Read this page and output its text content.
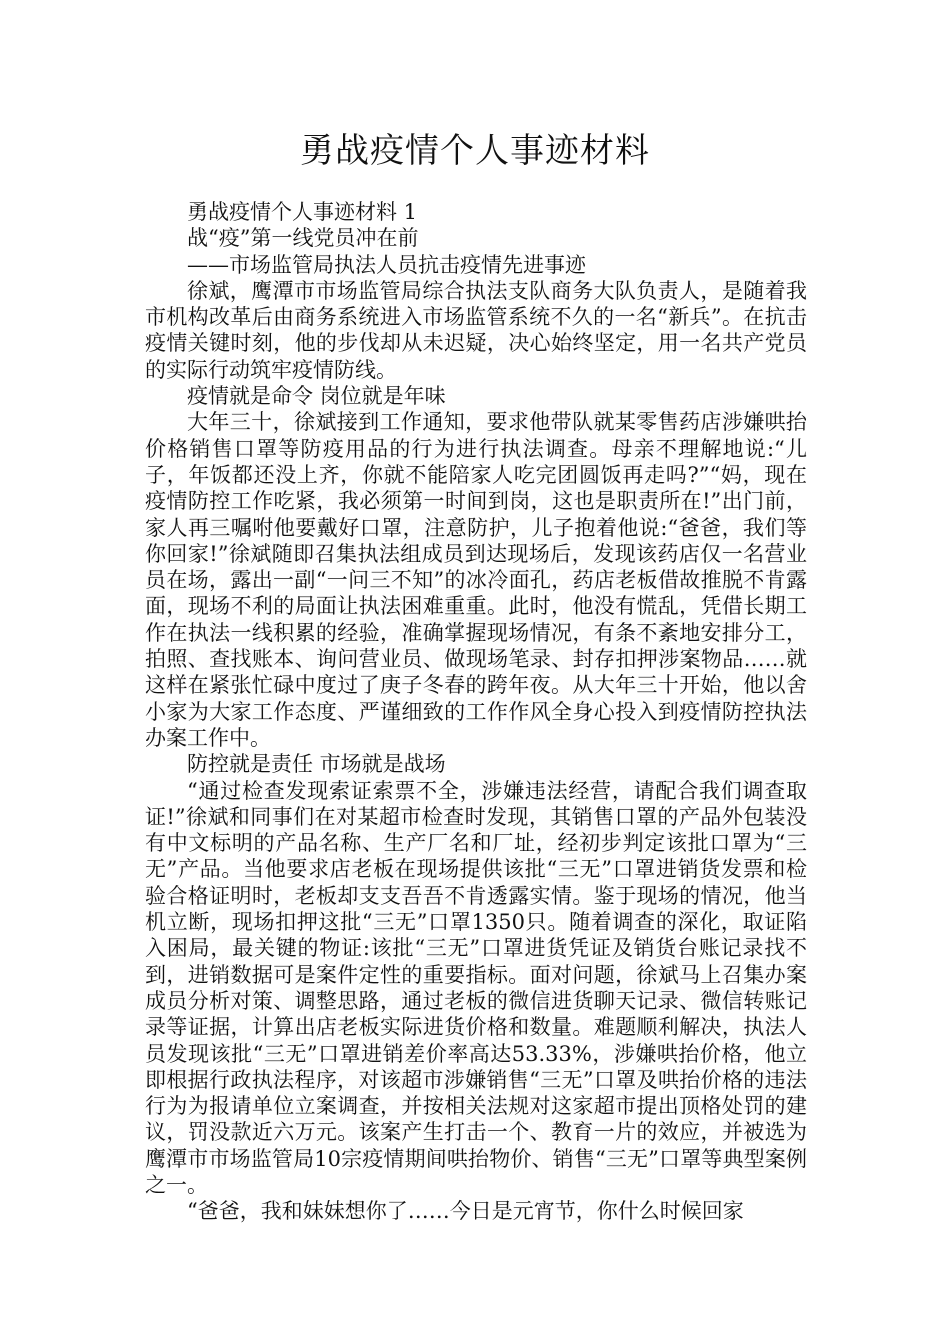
勇战疫情个人事迹材料

勇战疫情个人事迹材料 1

战“疫”第一线党员冲在前

——市场监管局执法人员抗击疫情先进事迹

徐斌，鹰潭市市场监管局综合执法支队商务大队负责人，是随着我市机构改革后由商务系统进入市场监管系统不久的一名“新兵”。在抗击疫情关键时刻，他的步伐却从未迟疑，决心始终坚定，用一名共产党员的实际行动筑牢疫情防线。

疫情就是命令 岗位就是年味

大年三十，徐斌接到工作通知，要求他带队就某零售药店涉嫌哄抬价格销售口罩等防疫用品的行为进行执法调查。母亲不理解地说:“儿子，年饭都还没上齐，你就不能陪家人吃完团圆饭再走吗?”“妈，现在疫情防控工作吃紧，我必须第一时间到岗，这也是职责所在!”出门前，家人再三嘱咐他要戴好口罩，注意防护，儿子抱着他说:“爸爸，我们等你回家!”徐斌随即召集执法组成员到达现场后，发现该药店仅一名营业员在场，露出一副“一问三不知”的冰冷面孔，药店老板借故推脱不肯露面，现场不利的局面让执法困难重重。此时，他没有慌乱，凭借长期工作在执法一线积累的经验，准确掌握现场情况，有条不紊地安排分工，拍照、查找账本、询问营业员、做现场笔录、封存扣押涉案物品……就这样在紧张忙碌中度过了庚子冬春的跨年夜。从大年三十开始，他以舍小家为大家工作态度、严谨细致的工作作风全身心投入到疫情防控执法办案工作中。

防控就是责任 市场就是战场

“通过检查发现索证索票不全，涉嫌违法经营，请配合我们调查取证!”徐斌和同事们在对某超市检查时发现，其销售口罩的产品外包装没有中文标明的产品名称、生产厂名和厂址，经初步判定该批口罩为“三无”产品。当他要求店老板在现场提供该批“三无”口罩进销货发票和检验合格证明时，老板却支支吾吾不肯透露实情。鉴于现场的情况，他当机立断，现场扣押这批“三无”口罩1350只。随着调查的深化，取证陷入困局，最关键的物证:该批“三无”口罩进货凭证及销货台账记录找不到，进销数据可是案件定性的重要指标。面对问题，徐斌马上召集办案成员分析对策、调整思路，通过老板的微信进货聊天记录、微信转账记录等证据，计算出店老板实际进货价格和数量。难题顺利解决，执法人员发现该批“三无”口罩进销差价率高达53.33%，涉嫌哄抬价格，他立即根据行政执法程序，对该超市涉嫌销售“三无”口罩及哄抬价格的违法行为为报请单位立案调查，并按相关法规对这家超市提出顶格处罚的建议，罚没款近六万元。该案产生打击一个、教育一片的效应，并被选为鹰潭市市场监管局10宗疫情期间哄抬物价、销售“三无”口罩等典型案例之一。

“爸爸，我和妹妹想你了……今日是元宵节，你什么时候回家
